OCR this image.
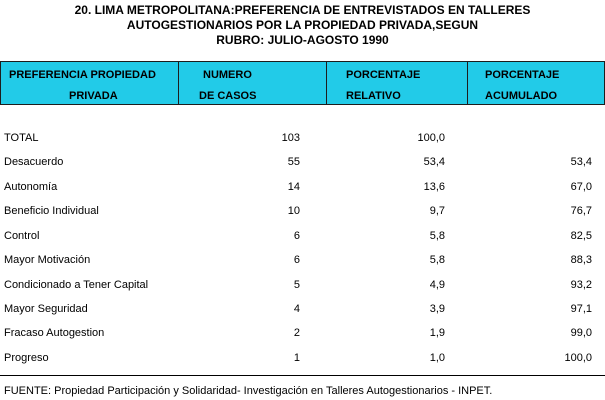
20. LIMA METROPOLITANA:PREFERENCIA DE ENTREVISTADOS EN TALLERES
AUTOGESTIONARIOS POR LA PROPIEDAD PRIVADA,SEGUN
RUBRO: JULIO-AGOSTO 1990
PREFERENCIA PROPIEDAD
PRIVADA
NUMERO
DE CASOS
PORCENTAJE
RELATIVO
PORCENTAJE
ACUMULADO
TOTAL	103	100,0
Desacuerdo	55	53,4	53,4
Autonomía	14	13,6	67,0
Beneficio Individual	10	9,7	76,7
Control	6	5,8	82,5
Mayor Motivación	6	5,8	88,3
Condicionado a Tener Capital	5	4,9	93,2
Mayor Seguridad	4	3,9	97,1
Fracaso Autogestion	2	1,9	99,0
Progreso	1	1,0	100,0
FUENTE: Propiedad Participación y Solidaridad- Investigación en Talleres Autogestionarios - INPET.
